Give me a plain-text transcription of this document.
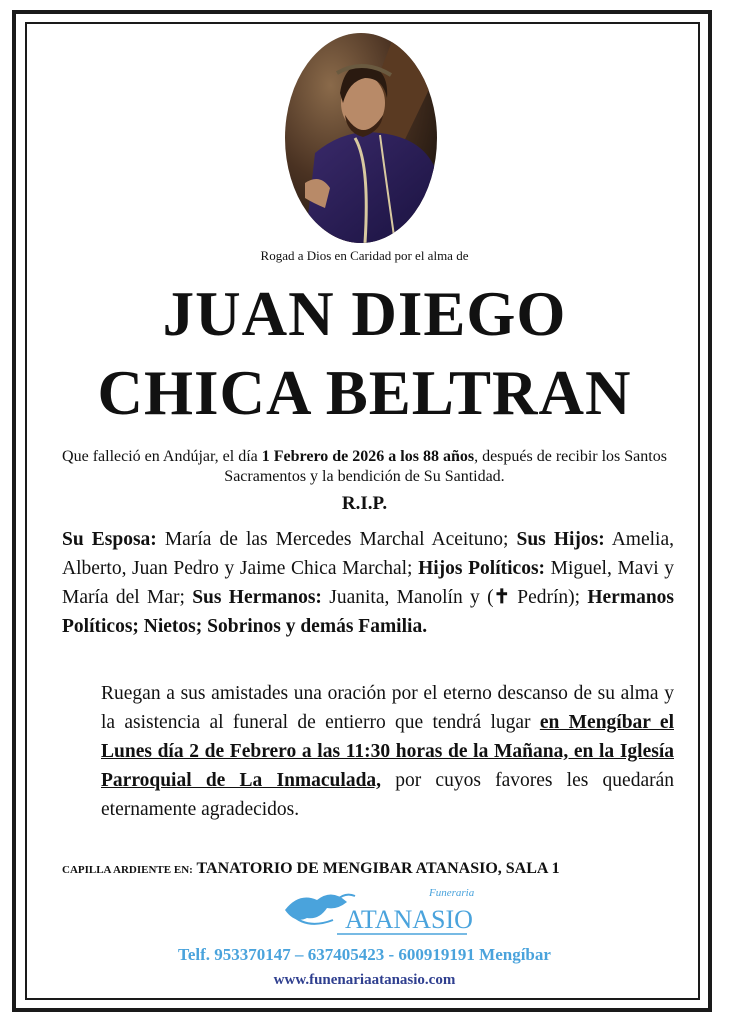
Rogad a Dios en Caridad por el alma de
JUAN DIEGO
CHICA BELTRAN
Que falleció en Andújar, el día 1 Febrero de 2026 a los 88 años, después de recibir los Santos Sacramentos y la bendición de Su Santidad.
R.I.P.
Su Esposa: María de las Mercedes Marchal Aceituno; Sus Hijos: Amelia, Alberto, Juan Pedro y Jaime Chica Marchal; Hijos Políticos: Miguel, Mavi y María del Mar; Sus Hermanos: Juanita, Manolín y (✝ Pedrín); Hermanos Políticos; Nietos; Sobrinos y demás Familia.
Ruegan a sus amistades una oración por el eterno descanso de su alma y la asistencia al funeral de entierro que tendrá lugar en Mengíbar el Lunes día 2 de Febrero a las 11:30 horas de la Mañana, en la Iglesía Parroquial de La Inmaculada, por cuyos favores les quedarán eternamente agradecidos.
CAPILLA ARDIENTE EN: TANATORIO DE MENGIBAR ATANASIO, SALA 1
Funeraria
ATANASIO
Telf. 953370147 – 637405423 - 600919191 Mengíbar
www.funenariaatanasio.com
